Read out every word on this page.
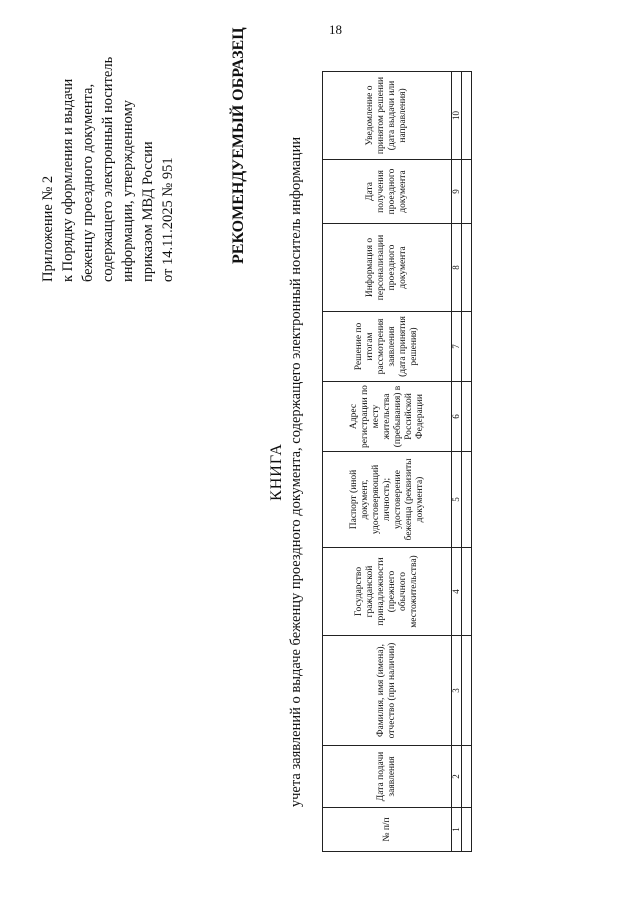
18
Приложение № 2 к Порядку оформления и выдачи беженцу проездного документа, содержащего электронный носитель информации, утвержденному приказом МВД России от 14.11.2025 № 951	РЕКОМЕНДУЕМЫЙ ОБРАЗЕЦ
КНИГА учета заявлений о выдаче беженцу проездного документа, содержащего электронный носитель информации
№ п/п	Дата подачи заявления	Фамилия, имя (имена), отчество (при наличии)	Государство гражданской принадлежности (прежнего обычного местожительства)	Паспорт (иной документ, удостоверяющий личность); удостоверение беженца (реквизиты документа)	Адрес регистрации по месту жительства (пребывания) в Российской Федерации	Решение по итогам рассмотрения заявления (дата принятия решения)	Информация о персонализации проездного документа	Дата получения проездного документа	Уведомление о принятом решении (дата выдачи или направления)
1	2	3	4	5	6	7	8	9	10
